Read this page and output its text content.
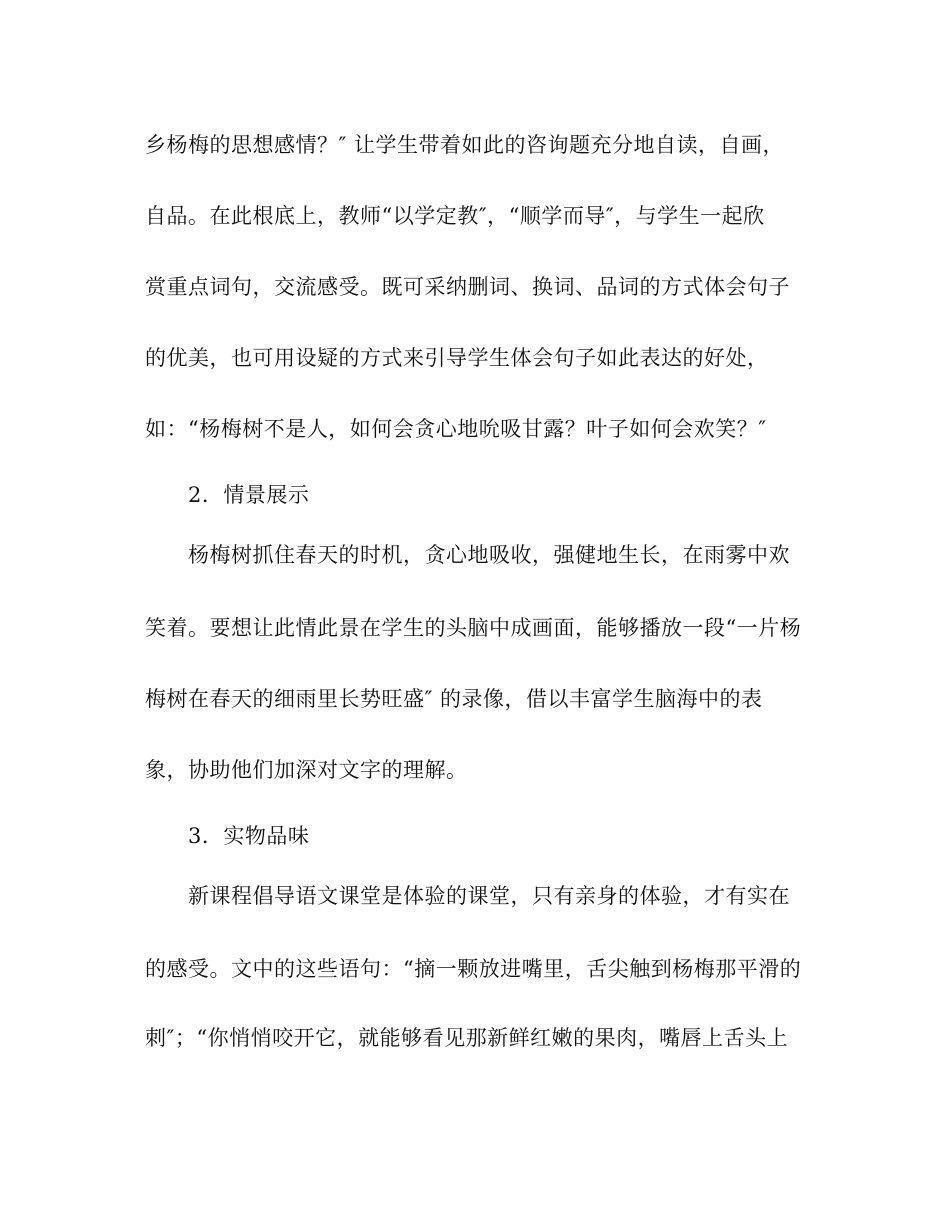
乡杨梅的思想感情？″ 让学生带着如此的咨询题充分地自读，自画，
自品。在此根底上，教师“以学定教″，“顺学而导″，与学生一起欣
赏重点词句，交流感受。既可采纳删词、换词、品词的方式体会句子
的优美，也可用设疑的方式来引导学生体会句子如此表达的好处，
如：“杨梅树不是人，如何会贪心地吮吸甘露？叶子如何会欢笑？″
2．情景展示
杨梅树抓住春天的时机，贪心地吸收，强健地生长，在雨雾中欢
笑着。要想让此情此景在学生的头脑中成画面，能够播放一段“一片杨
梅树在春天的细雨里长势旺盛″ 的录像，借以丰富学生脑海中的表
象，协助他们加深对文字的理解。
3．实物品味
新课程倡导语文课堂是体验的课堂，只有亲身的体验，才有实在
的感受。文中的这些语句：“摘一颗放进嘴里，舌尖触到杨梅那平滑的
刺″；“你悄悄咬开它，就能够看见那新鲜红嫩的果肉，嘴唇上舌头上
